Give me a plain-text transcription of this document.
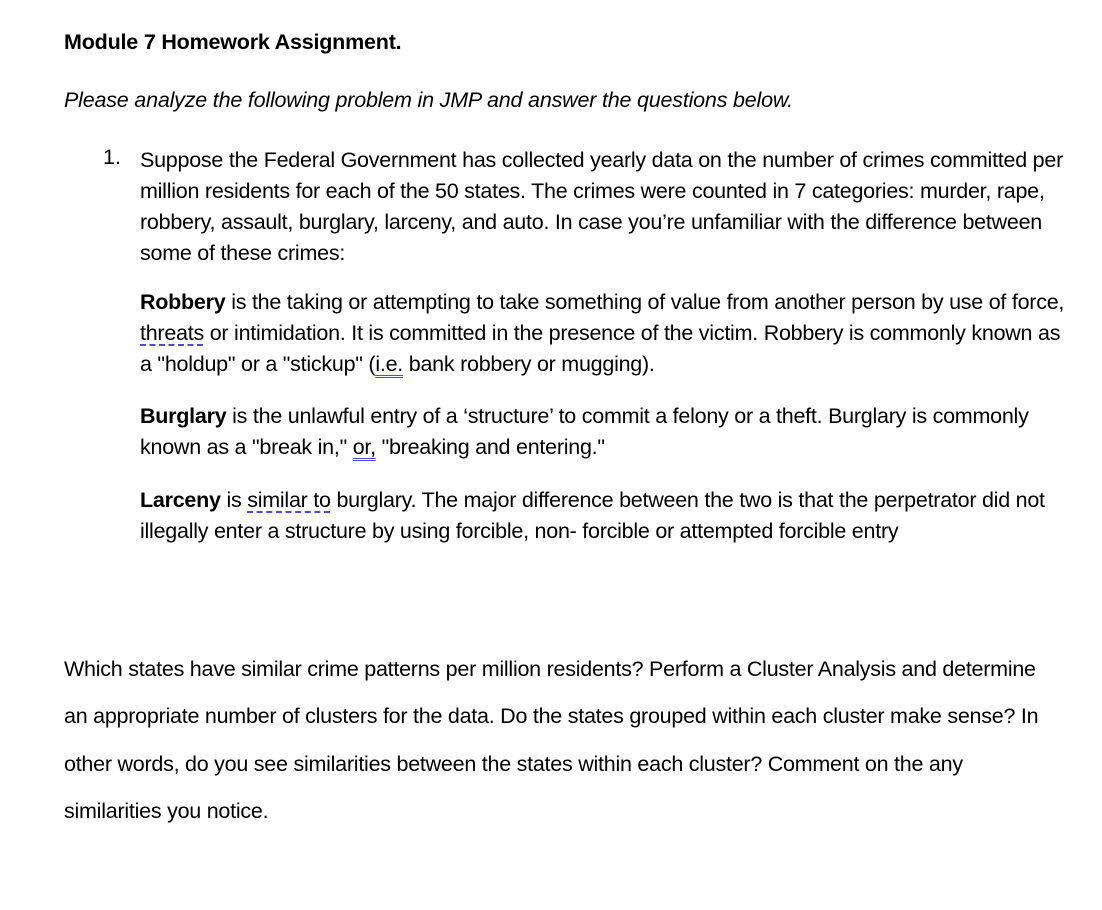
Module 7 Homework Assignment.

Please analyze the following problem in JMP and answer the questions below.

1. Suppose the Federal Government has collected yearly data on the number of crimes committed per million residents for each of the 50 states. The crimes were counted in 7 categories: murder, rape, robbery, assault, burglary, larceny, and auto. In case you’re unfamiliar with the difference between some of these crimes:

Robbery is the taking or attempting to take something of value from another person by use of force, threats or intimidation. It is committed in the presence of the victim. Robbery is commonly known as a "holdup" or a "stickup" (i.e. bank robbery or mugging).

Burglary is the unlawful entry of a ‘structure’ to commit a felony or a theft. Burglary is commonly known as a "break in," or, "breaking and entering."

Larceny is similar to burglary. The major difference between the two is that the perpetrator did not illegally enter a structure by using forcible, non- forcible or attempted forcible entry

Which states have similar crime patterns per million residents? Perform a Cluster Analysis and determine an appropriate number of clusters for the data. Do the states grouped within each cluster make sense? In other words, do you see similarities between the states within each cluster? Comment on the any similarities you notice.
